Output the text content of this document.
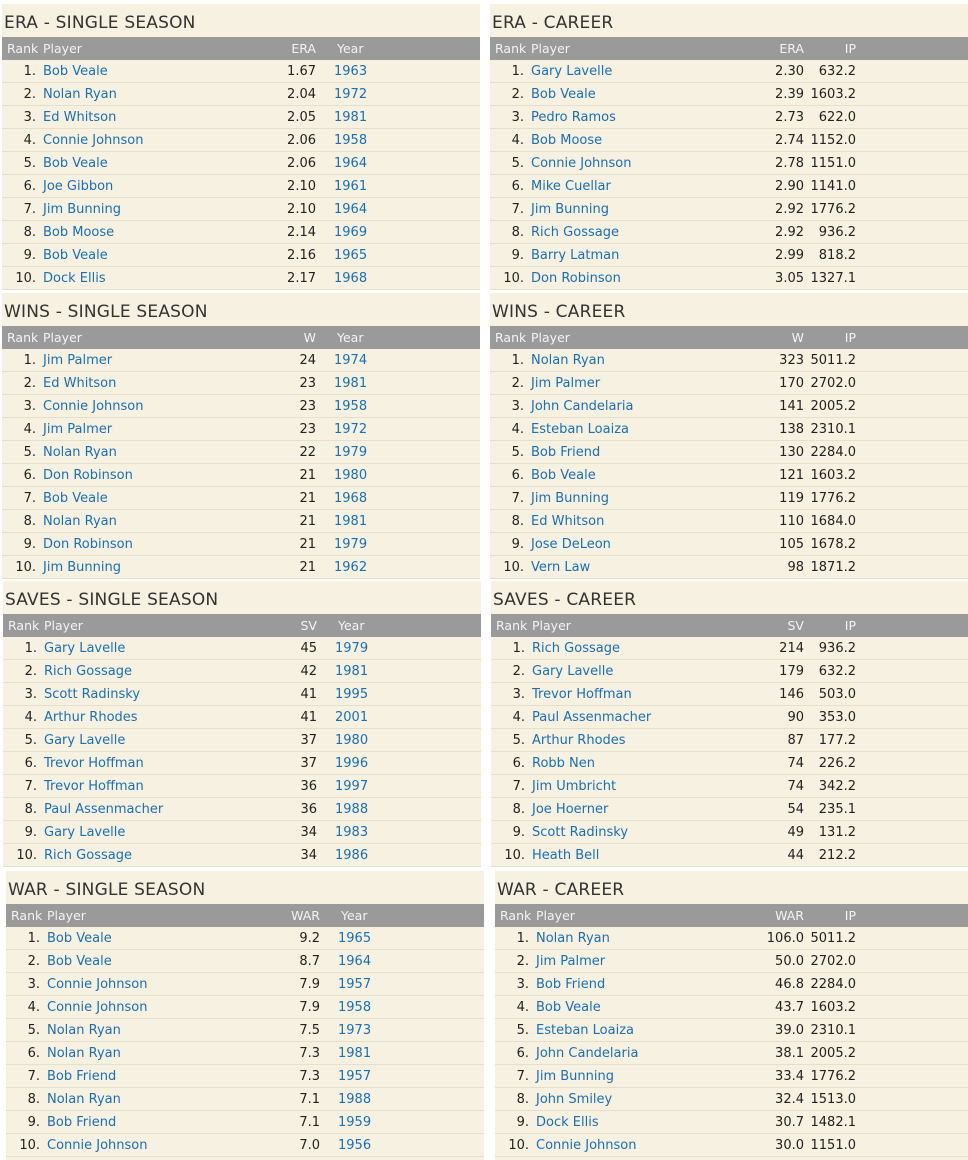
ERA - SINGLE SEASON
Rank Player	ERA Year
1. Bob Veale	1.67 1963
2. Nolan Ryan	2.04 1972
3. Ed Whitson	2.05 1981
4. Connie Johnson	2.06 1958
5. Bob Veale	2.06 1964
6. Joe Gibbon	2.10 1961
7. Jim Bunning	2.10 1964
8. Bob Moose	2.14 1969
9. Bob Veale	2.16 1965
10. Dock Ellis	2.17 1968
ERA - CAREER
Rank Player	ERA	IP
1. Gary Lavelle	2.30 632.2
2. Bob Veale	2.39 1603.2
3. Pedro Ramos	2.73 622.0
4. Bob Moose	2.74 1152.0
5. Connie Johnson	2.78 1151.0
6. Mike Cuellar	2.90 1141.0
7. Jim Bunning	2.92 1776.2
8. Rich Gossage	2.92 936.2
9. Barry Latman	2.99 818.2
10. Don Robinson	3.05 1327.1
WINS - SINGLE SEASON
Rank Player	W Year
1. Jim Palmer	24 1974
2. Ed Whitson	23 1981
3. Connie Johnson	23 1958
4. Jim Palmer	23 1972
5. Nolan Ryan	22 1979
6. Don Robinson	21 1980
7. Bob Veale	21 1968
8. Nolan Ryan	21 1981
9. Don Robinson	21 1979
10. Jim Bunning	21 1962
WINS - CAREER
Rank Player	W	IP
1. Nolan Ryan	323 5011.2
2. Jim Palmer	170 2702.0
3. John Candelaria	141 2005.2
4. Esteban Loaiza	138 2310.1
5. Bob Friend	130 2284.0
6. Bob Veale	121 1603.2
7. Jim Bunning	119 1776.2
8. Ed Whitson	110 1684.0
9. Jose DeLeon	105 1678.2
10. Vern Law	98 1871.2
SAVES - SINGLE SEASON
Rank Player	SV Year
1. Gary Lavelle	45 1979
2. Rich Gossage	42 1981
3. Scott Radinsky	41 1995
4. Arthur Rhodes	41 2001
5. Gary Lavelle	37 1980
6. Trevor Hoffman	37 1996
7. Trevor Hoffman	36 1997
8. Paul Assenmacher	36 1988
9. Gary Lavelle	34 1983
10. Rich Gossage	34 1986
SAVES - CAREER
Rank Player	SV	IP
1. Rich Gossage	214 936.2
2. Gary Lavelle	179 632.2
3. Trevor Hoffman	146 503.0
4. Paul Assenmacher	90 353.0
5. Arthur Rhodes	87 177.2
6. Robb Nen	74 226.2
7. Jim Umbricht	74 342.2
8. Joe Hoerner	54 235.1
9. Scott Radinsky	49 131.2
10. Heath Bell	44 212.2
WAR - SINGLE SEASON
Rank Player	WAR Year
1. Bob Veale	9.2 1965
2. Bob Veale	8.7 1964
3. Connie Johnson	7.9 1957
4. Connie Johnson	7.9 1958
5. Nolan Ryan	7.5 1973
6. Nolan Ryan	7.3 1981
7. Bob Friend	7.3 1957
8. Nolan Ryan	7.1 1988
9. Bob Friend	7.1 1959
10. Connie Johnson	7.0 1956
WAR - CAREER
Rank Player	WAR	IP
1. Nolan Ryan	106.0 5011.2
2. Jim Palmer	50.0 2702.0
3. Bob Friend	46.8 2284.0
4. Bob Veale	43.7 1603.2
5. Esteban Loaiza	39.0 2310.1
6. John Candelaria	38.1 2005.2
7. Jim Bunning	33.4 1776.2
8. John Smiley	32.4 1513.0
9. Dock Ellis	30.7 1482.1
10. Connie Johnson	30.0 1151.0
